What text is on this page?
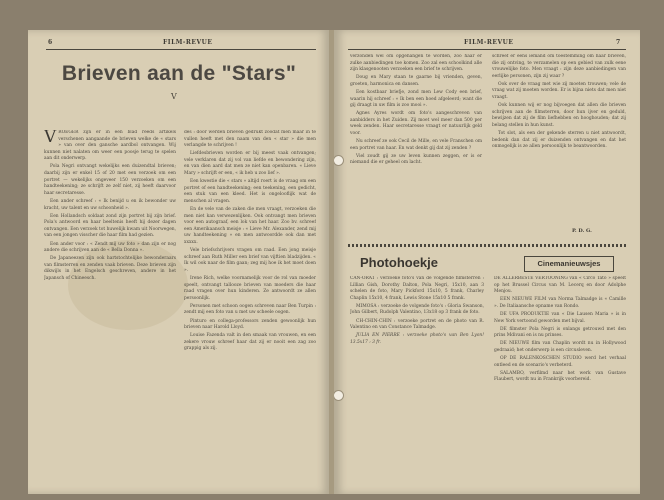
6	FILM-REVUE
Brieven aan de "Stars"
V
V ROEGER zijn er in één blad reeds artikels verschenen aangaande de brieven welke de « stars » van over den gansche aardbol ontvangen. Wij kunnen niet nalaten om weer een poosje terug te spelen aan dit onderwerp.

Pola Negri ontvangt wekelijks een duizendtal brieven; daarbij zijn er enkel 15 of 20 met een verzoek om een portret — wekelijks ongeveer 150 verzoeken om een handteekening; ze schrijft ze zelf niet, zij heeft daarvoor haar secretaresse.

Een ander schreef : « Ik benijd u en ik bewonder uw kracht, uw talent en uw schoonheid ».

Een Hollandsch soldaat zond zijn portret bij zijn brief. Pola's antwoord en haar beeltenis heeft hij dezer dagen ontvangen. Een verzoek tot huwelijk kwam uit Noorwegen, van een jongen visscher die haar film had gezien.

Een ander voor : « Zendt mij uw foto » dan zijn er nog andere die schrijven aan de « Bella Donna ».

De Japaneezen zijn ook hartstochtelijke bewonderaars van filmsterren en zenden vaak brieven. Deze brieven zijn dikwijls in het Engelsch geschreven, andere in het Japansch of Chineesch.

des : door werden brieven gedrukt zoodat men maar in te vullen heeft met den naam van den « star » die men verlangde te schrijven !

Liefdesbrieven worden er bij meest vaak ontvangen; vele verklaren dat zij vol van liefde en bewondering zijn, en van dien aard dat men ze niet kan openbaren. « Lieve Mary » schrijft er een, « ik heb u zoo lief ».

Een kwestie die « stars » altijd roert is de vraag om een portret of een handteekening; een teekening, een gedicht, een stuk van een kleed. Het is ongelooflijk wat de menschen al vragen.

En de vele van de zaken die men vraagt, verzoeken die men niet kan verwezenlijken. Ook ontvangt men brieven voor een autograaf, een lok van het haar. Zoo bv. schreef een Amerikaansch meisje : « Lieve Mr. Alexander, zend mij uw handteekening » en men antwoordde ook dan met xxxxx.

Vele briefschrijvers vragen om raad. Een jong meisje schreef aan Ruth Miller een brief van vijftien bladzijden. « Ik wil ook naar de film gaan; zeg mij hoe ik het moet doen ».

Irene Rich, welke voornamelijk voor de rol van moeder speelt, ontvangt tallooze brieven van moeders die haar raad vragen over hun kinderen. Ze antwoordt ze allen persoonlijk.

Personen met schoon oogen schreven naar Ben Turpin : zendt mij een foto van u met uw scheele oogen.

Pinturo en collega-professors zenden gewoonlijk hun brieven naar Harold Lloyd.

Louise Fazenda valt in den smaak van vrouwen, en een zekere vrouw schreef haar dat zij er nooit een zag zoo grappig als zij.

FILM-REVUE	7

verzonden wel om opgehangen te worden, zoo haar er zulke aanbiedingen toe komen. Zoo zal een schoolkind alle zijn klasgenooten verzoeken een brief te schrijven.

Doug en Mary staan te gaarne bij vrienden, geven, groeten, harmonica en dansen.

Een kostbaar briefje, zond men Lew Cody een brief, waarin hij schreef : « Ik ben een hoed afgeleerd; want die gij draagt in uw film is zoo mooi ».

Agnes Ayres wordt om foto's aangeschreven van aanbidders in het Zuiden. Zij moet wel meer dan 500 per week zenden. Haar secretaresse vraagt er natuurlijk geld voor.

Nu schreef ze ook Cecil de Mille, en vele Franschen om een portret van haar. En wat denkt gij dat zij zenden ?

Viel zoudt gij ze uw leven kunnen zeggen, er is er niemand die er geheel om lacht.

schreef er eens iemand om toestemming om haar brieven, die zij ontving, te verzamelen op een gebied van zulk eene vrouwelijke foto. Men vraagt : zijn deze aanbiedingen van eerlijke personen, zijn zij waar ?

Ook over de vraag met wie zij moeten trouwen; vele de vraag wat zij moeten worden. Er is bijna niets dat men niet vraagt.

Ook kunnen wij er nog bijvoegen dat allen die brieven schrijven aan de filmsterren, door hun ijver en geduld, bewijzen dat zij de film liefhebben en hooghouden; dat zij belang stellen in hun kunst.

Tot slot, als een der gekende sterren u niet antwoordt, bedenk dan dat zij er duizenden ontvangen en dat het onmogelijk is ze allen persoonlijk te beantwoorden.

P. D. G.
Photohoekje

CAN-ORA1 : verzoeke foto's van de volgende filmsterren : Lillian Gish, Dorothy Dalton, Pola Negri, 15x10, aan 3 schelen de foto, Mary Pickford 15x10, 5 frank, Charley Chaplin 15x10, 4 frank, Lewis Stone 15x10 5 frank.

MIMOSA : verzoeke de volgende foto's : Gloria Swanson, John Gilbert, Rudolph Valentino, 13x18 op 3 frank de foto.

CH-CHIN-CHIN : verzoeke portret en de photo van R. Valentino en van Constance Talmadge.

JULIA EN PIERRE : verzoeke photo's van Ben Lyon! 13.5x17 : 3 fr.

Cinemanieuwsjes

DE ALLERBESTE VERTOONING van « Circo Tato » speelt op het Brussel Circus van M. Lecerq en door Adolphe Menjou.

EEN NIEUWE FILM van Norma Talmadge is « Camille ». De Italiaansche opname van Rondo.

DE UFA PRODUKTIE van « Die Lausen Maria » is in New York vertoond geworden met bijval.

DE filmster Pola Negri is onlangs getrouwd met den prins Mdivani en is nu prinses.

DE NIEUWE film van Chaplin wordt nu in Hollywood gedraaid; het onderwerp is een circusleven.

OP DE RALENKOSCHEN STUDIO werd het verhaal ontleed en de scenario's verbeterd.

SALAMBO, verfilmd naar het werk van Gustave Flaubert, wordt nu in Frankrijk voorbereid.
